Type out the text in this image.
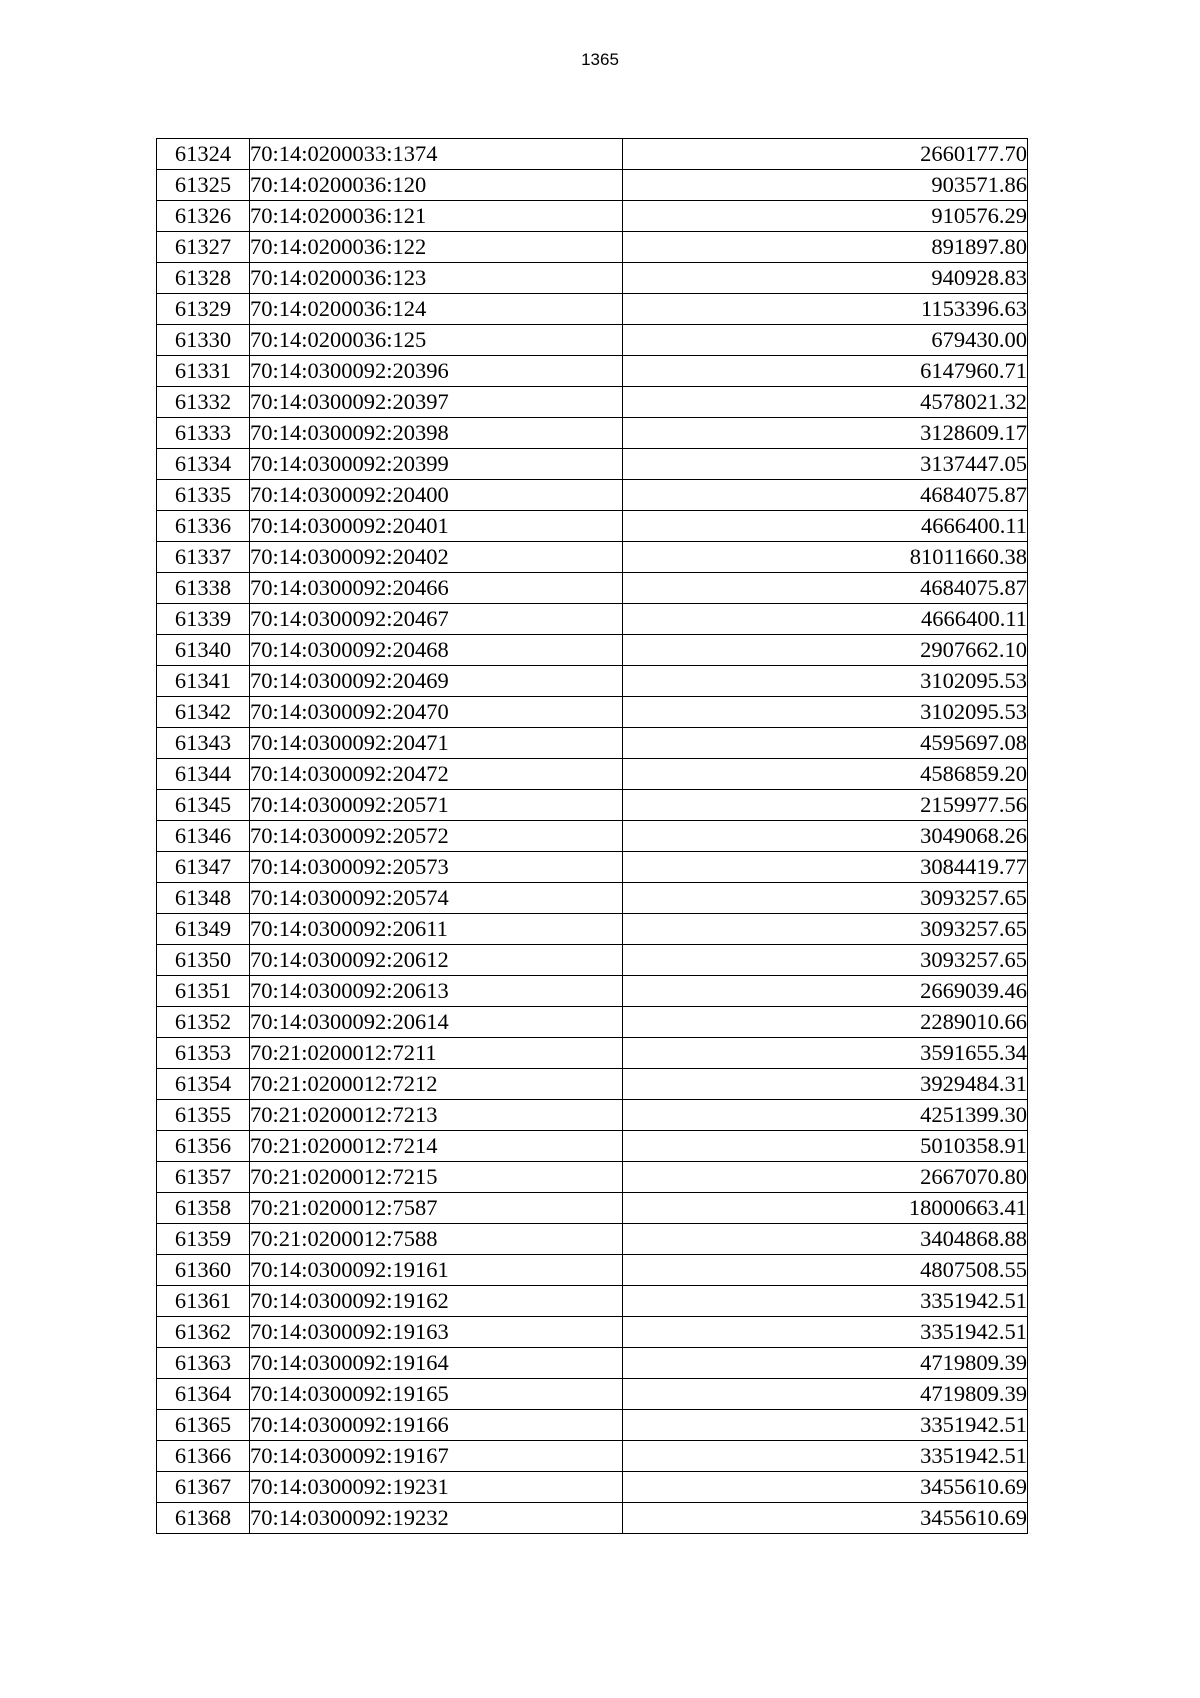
1365
61324	70:14:0200033:1374	2660177.70
61325	70:14:0200036:120	903571.86
61326	70:14:0200036:121	910576.29
61327	70:14:0200036:122	891897.80
61328	70:14:0200036:123	940928.83
61329	70:14:0200036:124	1153396.63
61330	70:14:0200036:125	679430.00
61331	70:14:0300092:20396	6147960.71
61332	70:14:0300092:20397	4578021.32
61333	70:14:0300092:20398	3128609.17
61334	70:14:0300092:20399	3137447.05
61335	70:14:0300092:20400	4684075.87
61336	70:14:0300092:20401	4666400.11
61337	70:14:0300092:20402	81011660.38
61338	70:14:0300092:20466	4684075.87
61339	70:14:0300092:20467	4666400.11
61340	70:14:0300092:20468	2907662.10
61341	70:14:0300092:20469	3102095.53
61342	70:14:0300092:20470	3102095.53
61343	70:14:0300092:20471	4595697.08
61344	70:14:0300092:20472	4586859.20
61345	70:14:0300092:20571	2159977.56
61346	70:14:0300092:20572	3049068.26
61347	70:14:0300092:20573	3084419.77
61348	70:14:0300092:20574	3093257.65
61349	70:14:0300092:20611	3093257.65
61350	70:14:0300092:20612	3093257.65
61351	70:14:0300092:20613	2669039.46
61352	70:14:0300092:20614	2289010.66
61353	70:21:0200012:7211	3591655.34
61354	70:21:0200012:7212	3929484.31
61355	70:21:0200012:7213	4251399.30
61356	70:21:0200012:7214	5010358.91
61357	70:21:0200012:7215	2667070.80
61358	70:21:0200012:7587	18000663.41
61359	70:21:0200012:7588	3404868.88
61360	70:14:0300092:19161	4807508.55
61361	70:14:0300092:19162	3351942.51
61362	70:14:0300092:19163	3351942.51
61363	70:14:0300092:19164	4719809.39
61364	70:14:0300092:19165	4719809.39
61365	70:14:0300092:19166	3351942.51
61366	70:14:0300092:19167	3351942.51
61367	70:14:0300092:19231	3455610.69
61368	70:14:0300092:19232	3455610.69
